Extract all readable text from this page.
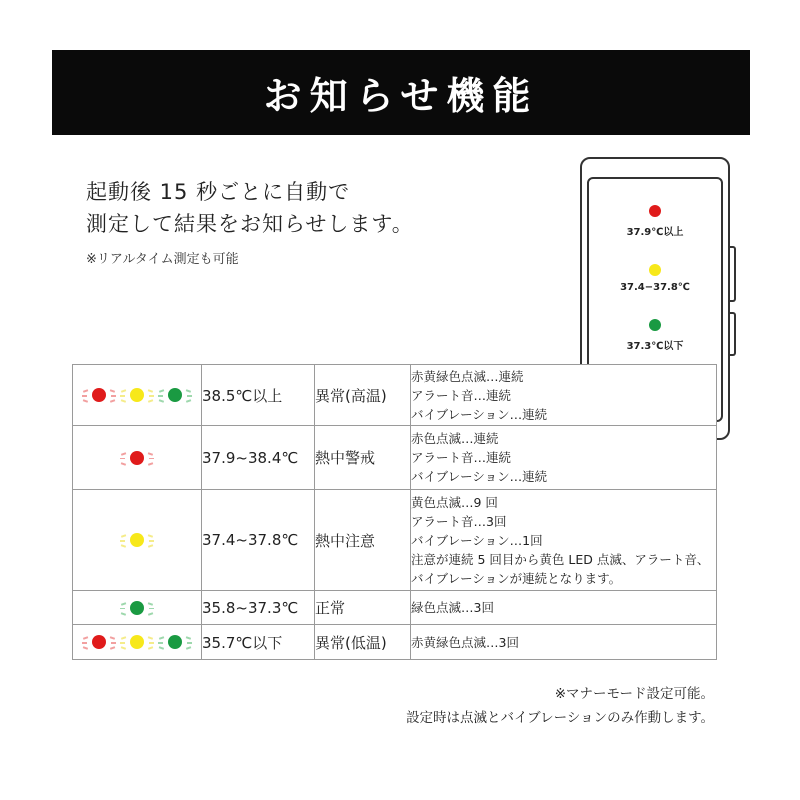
お知らせ機能
起動後 15 秒ごとに自動で
測定して結果をお知らせします。
※リアルタイム測定も可能
37.9℃以上
37.4−37.8℃
37.3℃以下
	38.5℃以上	異常(高温)	赤黄緑色点滅…連続
アラート音…連続
バイブレーション…連続

	37.9~38.4℃	熱中警戒	赤色点滅…連続
アラート音…連続
バイブレーション…連続

	37.4~37.8℃	熱中注意	黄色点滅…9 回
アラート音…3回
バイブレーション…1回
注意が連続 5 回目から黄色 LED 点滅、アラート音、バイブレーションが連続となります。

	35.8~37.3℃	正常	緑色点滅…3回

	35.7℃以下	異常(低温)	赤黄緑色点滅…3回
※マナーモード設定可能。
設定時は点滅とバイブレーションのみ作動します。
